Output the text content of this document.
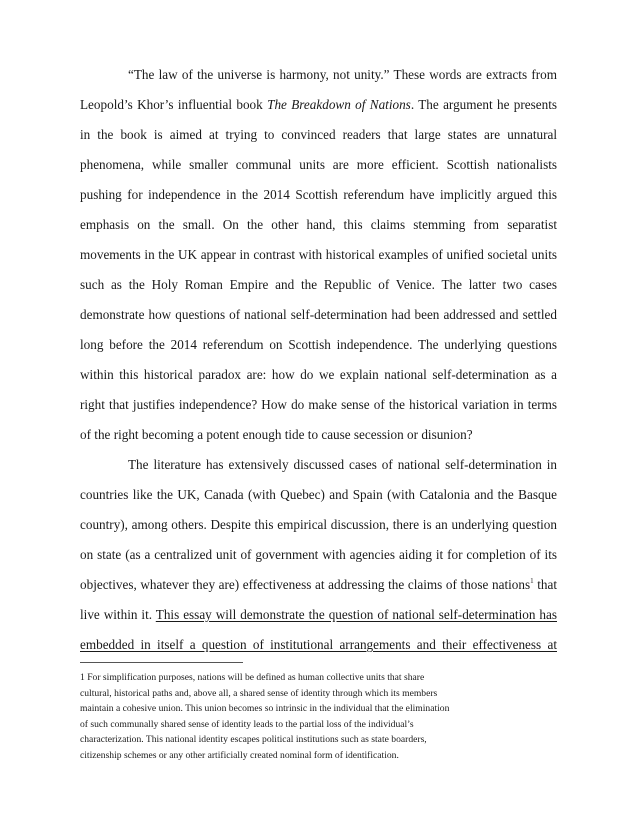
“The law of the universe is harmony, not unity.” These words are extracts from
Leopold’s Khor’s influential book The Breakdown of Nations. The argument he presents
in the book is aimed at trying to convinced readers that large states are unnatural
phenomena, while smaller communal units are more efficient. Scottish nationalists
pushing for independence in the 2014 Scottish referendum have implicitly argued this
emphasis on the small. On the other hand, this claims stemming from separatist
movements in the UK appear in contrast with historical examples of unified societal units
such as the Holy Roman Empire and the Republic of Venice. The latter two cases
demonstrate how questions of national self-determination had been addressed and settled
long before the 2014 referendum on Scottish independence. The underlying questions
within this historical paradox are: how do we explain national self-determination as a
right that justifies independence? How do make sense of the historical variation in terms
of the right becoming a potent enough tide to cause secession or disunion?
The literature has extensively discussed cases of national self-determination in
countries like the UK, Canada (with Quebec) and Spain (with Catalonia and the Basque
country), among others. Despite this empirical discussion, there is an underlying question
on state (as a centralized unit of government with agencies aiding it for completion of its
objectives, whatever they are) effectiveness at addressing the claims of those nations$^1$ that
live within it. This essay will demonstrate the question of national self-determination has
embedded in itself a question of institutional arrangements and their effectiveness at
1 For simplification purposes, nations will be defined as human collective units that share
cultural, historical paths and, above all, a shared sense of identity through which its members
maintain a cohesive union. This union becomes so intrinsic in the individual that the elimination
of such communally shared sense of identity leads to the partial loss of the individual’s
characterization. This national identity escapes political institutions such as state boarders,
citizenship schemes or any other artificially created nominal form of identification.
